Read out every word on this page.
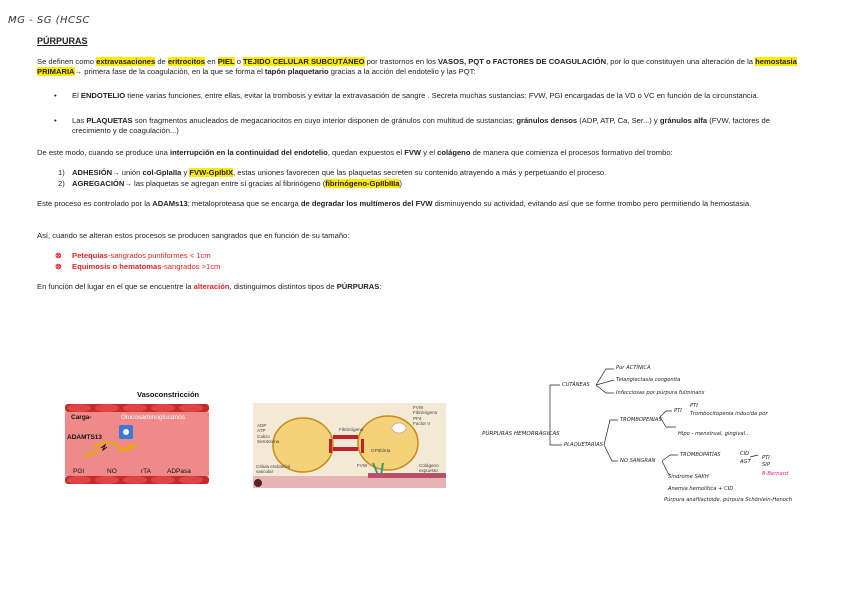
MG - SG (HCSC
PÚRPURAS
Se definen como extravasaciones de eritrocitos en PIEL o TEJIDO CELULAR SUBCUTÁNEO por trastornos en los VASOS, PQT o FACTORES DE COAGULACIÓN, por lo que constituyen una alteración de la hemostasia PRIMARIA→ primera fase de la coagulación, en la que se forma el tapón plaquetario gracias a la acción del endotelio y las PQT:
• El ENDOTELIO tiene varias funciones, entre ellas, evitar la trombosis y evitar la extravasación de sangre . Secreta muchas sustancias: FVW, PGI encargadas de la VD o VC en función de la circunstancia.
• Las PLAQUETAS son fragmentos anucleados de megacariocitos en cuyo interior disponen de gránulos con multitud de sustancias; gránulos densos (ADP, ATP, Ca, Ser...) y gránulos alfa (FVW, factores de crecimiento y de coagulación...)
De este modo, cuando se produce una interrupción en la continuidad del endotelio, quedan expuestos el FVW y el colágeno de manera que comienza el procesos formativo del trombo:
1) ADHESIÓN→ unión col-GpIaIIa y FVW-GpIbIX, estas uniones favorecen que las plaquetas secreten su contenido atrayendo a más y perpetuando el proceso.
2) AGREGACIÓN→ las plaquetas se agregan entre sí gracias al fibrinógeno (fibrinógeno-GpIIbIIIa)
Este proceso es controlado por la ADAMs13; metaloproteasa que se encarga de degradar los multímeros del FVW disminuyendo su actividad, evitando así que se forme trombo pero permitiendo la hemostasia.
Así, cuando se alteran estos procesos se producen sangrados que en función de su tamaño:
⊗ Petequias-sangrados puntiformes < 1cm
⊗ Equimosis o hematomas-sangrados >1cm
En función del lugar en el que se encuentre la alteración, distinguimos distintos tipos de PÚRPURAS:
Vasoconstricción
Carga-	Glucosaminoglucanos
ADAMTS13
PGI	NO	rTA ADPasa
ADP
ATP
Calcio
Serotonina
Fibrinógeno
GPIIb/IIIa
FVW
Fibrinógeno
PF4
Factor V
FVW
Célula endotelial vascular
Colágeno expuesto
PÚRPURAS HEMORRÁGICAS
CUTÁNEAS
Por ACTÍNICA
Telangiectasia congénita
Infecciosas por púrpura fulminans
PLAQUETARIAS
TROMBOPENIAS
PTI
PTI
Trombocitopenia inducida por
Hipo - menstrual, gingival...
NO SANGRAN
TROMBOPATÍAS	CID
AGT
PTI
SIP
B-Bernard
Síndrome SAKH
Anemia hemolítica + CID
Púrpura anafilactoide, púrpura Schönlein-Henoch
